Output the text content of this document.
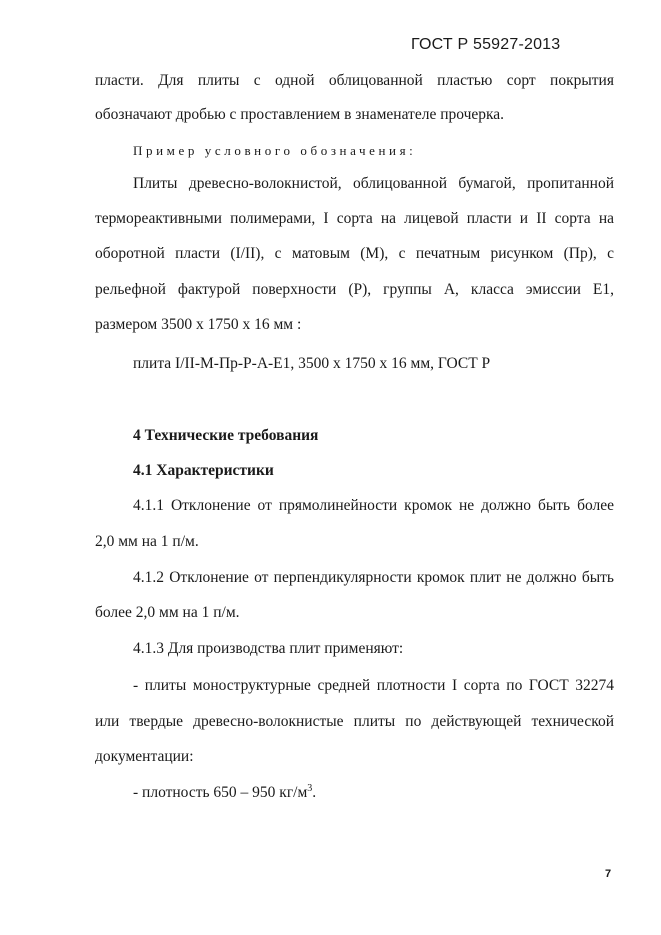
ГОСТ Р 55927-2013
пласти. Для плиты с одной облицованной пластью сорт покрытия
обозначают дробью с проставлением в знаменателе прочерка.
Пример условного обозначения:
Плиты древесно-волокнистой, облицованной бумагой, пропитанной
термореактивными полимерами, I сорта на лицевой пласти и II сорта на
оборотной пласти (I/II), с матовым (М), с печатным рисунком (Пр), с
рельефной фактурой поверхности (Р), группы А, класса эмиссии Е1,
размером 3500 х 1750 х 16 мм :
плита I/II-М-Пр-Р-А-Е1, 3500 х 1750 х 16 мм, ГОСТ Р
4 Технические требования
4.1 Характеристики
4.1.1 Отклонение от прямолинейности кромок не должно быть более
2,0 мм на 1 п/м.
4.1.2 Отклонение от перпендикулярности кромок плит не должно быть
более 2,0 мм на 1 п/м.
4.1.3 Для производства плит применяют:
- плиты моноструктурные средней плотности I сорта по ГОСТ 32274
или твердые древесно-волокнистые плиты по действующей технической
документации:
- плотность 650 – 950 $кг/м^3$.
7
